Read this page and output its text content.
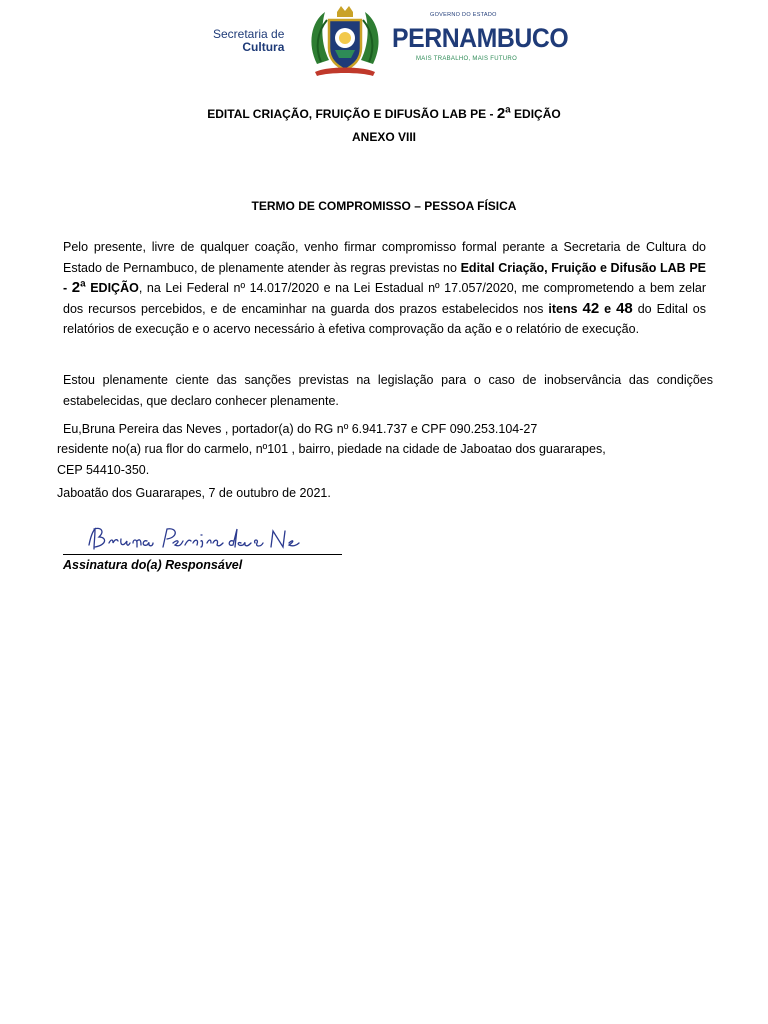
Secretaria de
Cultura
GOVERNO DO ESTADO
PERNAMBUCO
MAIS TRABALHO, MAIS FUTURO
EDITAL CRIAÇÃO, FRUIÇÃO E DIFUSÃO LAB PE - 2ª EDIÇÃO
ANEXO VIII
TERMO DE COMPROMISSO – PESSOA FÍSICA
Pelo presente, livre de qualquer coação, venho firmar compromisso formal perante a Secretaria de Cultura do Estado de Pernambuco, de plenamente atender às regras previstas no Edital Criação, Fruição e Difusão LAB PE - 2ª EDIÇÃO, na Lei Federal nº 14.017/2020 e na Lei Estadual nº 17.057/2020, me comprometendo a bem zelar dos recursos percebidos, e de encaminhar na guarda dos prazos estabelecidos nos itens 42 e 48 do Edital os relatórios de execução e o acervo necessário à efetiva comprovação da ação e o relatório de execução.
Estou plenamente ciente das sanções previstas na legislação para o caso de inobservância das condições estabelecidas, que declaro conhecer plenamente.
Eu,Bruna Pereira das Neves , portador(a) do RG nº 6.941.737 e CPF 090.253.104-27
residente no(a) rua flor do carmelo, nº101 , bairro, piedade na cidade de Jaboatao dos guararapes,
CEP 54410-350.
Jaboatão dos Guararapes, 7 de outubro de 2021.
Bruna Pereira das Neves
Assinatura do(a) Responsável
